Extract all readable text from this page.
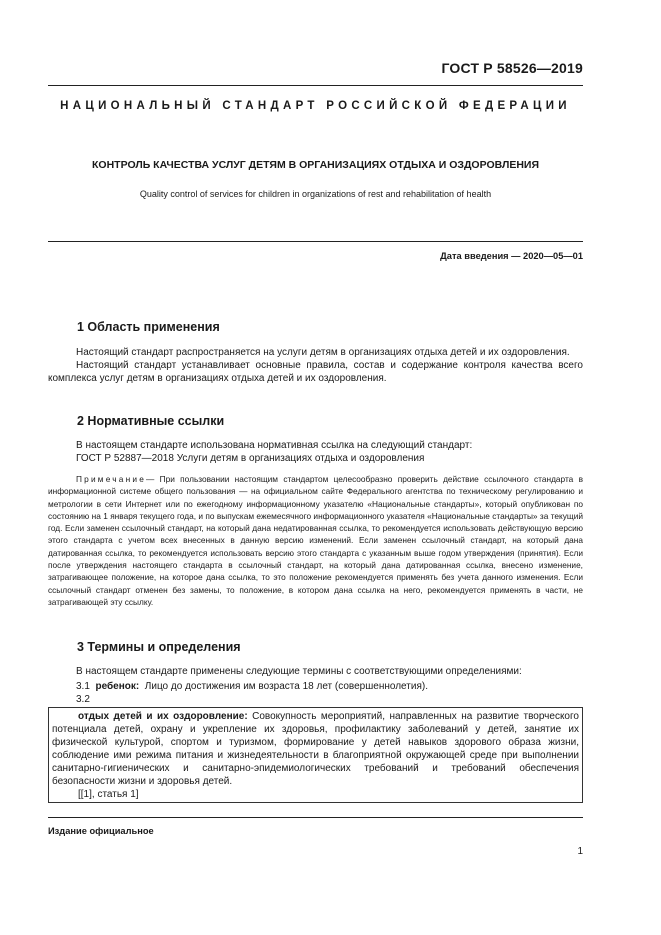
ГОСТ Р 58526—2019
НАЦИОНАЛЬНЫЙ СТАНДАРТ РОССИЙСКОЙ ФЕДЕРАЦИИ
КОНТРОЛЬ КАЧЕСТВА УСЛУГ ДЕТЯМ В ОРГАНИЗАЦИЯХ ОТДЫХА И ОЗДОРОВЛЕНИЯ
Quality control of services for children in organizations of rest and rehabilitation of health
Дата введения — 2020—05—01
1 Область применения

Настоящий стандарт распространяется на услуги детям в организациях отдыха детей и их оздоровления.

Настоящий стандарт устанавливает основные правила, состав и содержание контроля качества всего комплекса услуг детям в организациях отдыха детей и их оздоровления.

2 Нормативные ссылки

В настоящем стандарте использована нормативная ссылка на следующий стандарт:

ГОСТ Р 52887—2018 Услуги детям в организациях отдыха и оздоровления

Примечание— При пользовании настоящим стандартом целесообразно проверить действие ссылочного стандарта в информационной системе общего пользования — на официальном сайте Федерального агентства по техническому регулированию и метрологии в сети Интернет или по ежегодному информационному указателю «Национальные стандарты», который опубликован по состоянию на 1 января текущего года, и по выпускам ежемесячного информационного указателя «Национальные стандарты» за текущий год. Если заменен ссылочный стандарт, на который дана недатированная ссылка, то рекомендуется использовать действующую версию этого стандарта с учетом всех внесенных в данную версию изменений. Если заменен ссылочный стандарт, на который дана датированная ссылка, то рекомендуется использовать версию этого стандарта с указанным выше годом утверждения (принятия). Если после утверждения настоящего стандарта в ссылочный стандарт, на который дана датированная ссылка, внесено изменение, затрагивающее положение, на которое дана ссылка, то это положение рекомендуется применять без учета данного изменения. Если ссылочный стандарт отменен без замены, то положение, в котором дана ссылка на него, рекомендуется применять в части, не затрагивающей эту ссылку.

3 Термины и определения
В настоящем стандарте применены следующие термины с соответствующими определениями:
3.1 ребенок: Лицо до достижения им возраста 18 лет (совершеннолетия).
3.2

отдых детей и их оздоровление: Совокупность мероприятий, направленных на развитие творческого потенциала детей, охрану и укрепление их здоровья, профилактику заболеваний у детей, занятие их физической культурой, спортом и туризмом, формирование у детей навыков здорового образа жизни, соблюдение ими режима питания и жизнедеятельности в благоприятной окружающей среде при выполнении санитарно-гигиенических и санитарно-эпидемиологических требований и требований обеспечения безопасности жизни и здоровья детей.

[[1], статья 1]
Издание официальное
1
